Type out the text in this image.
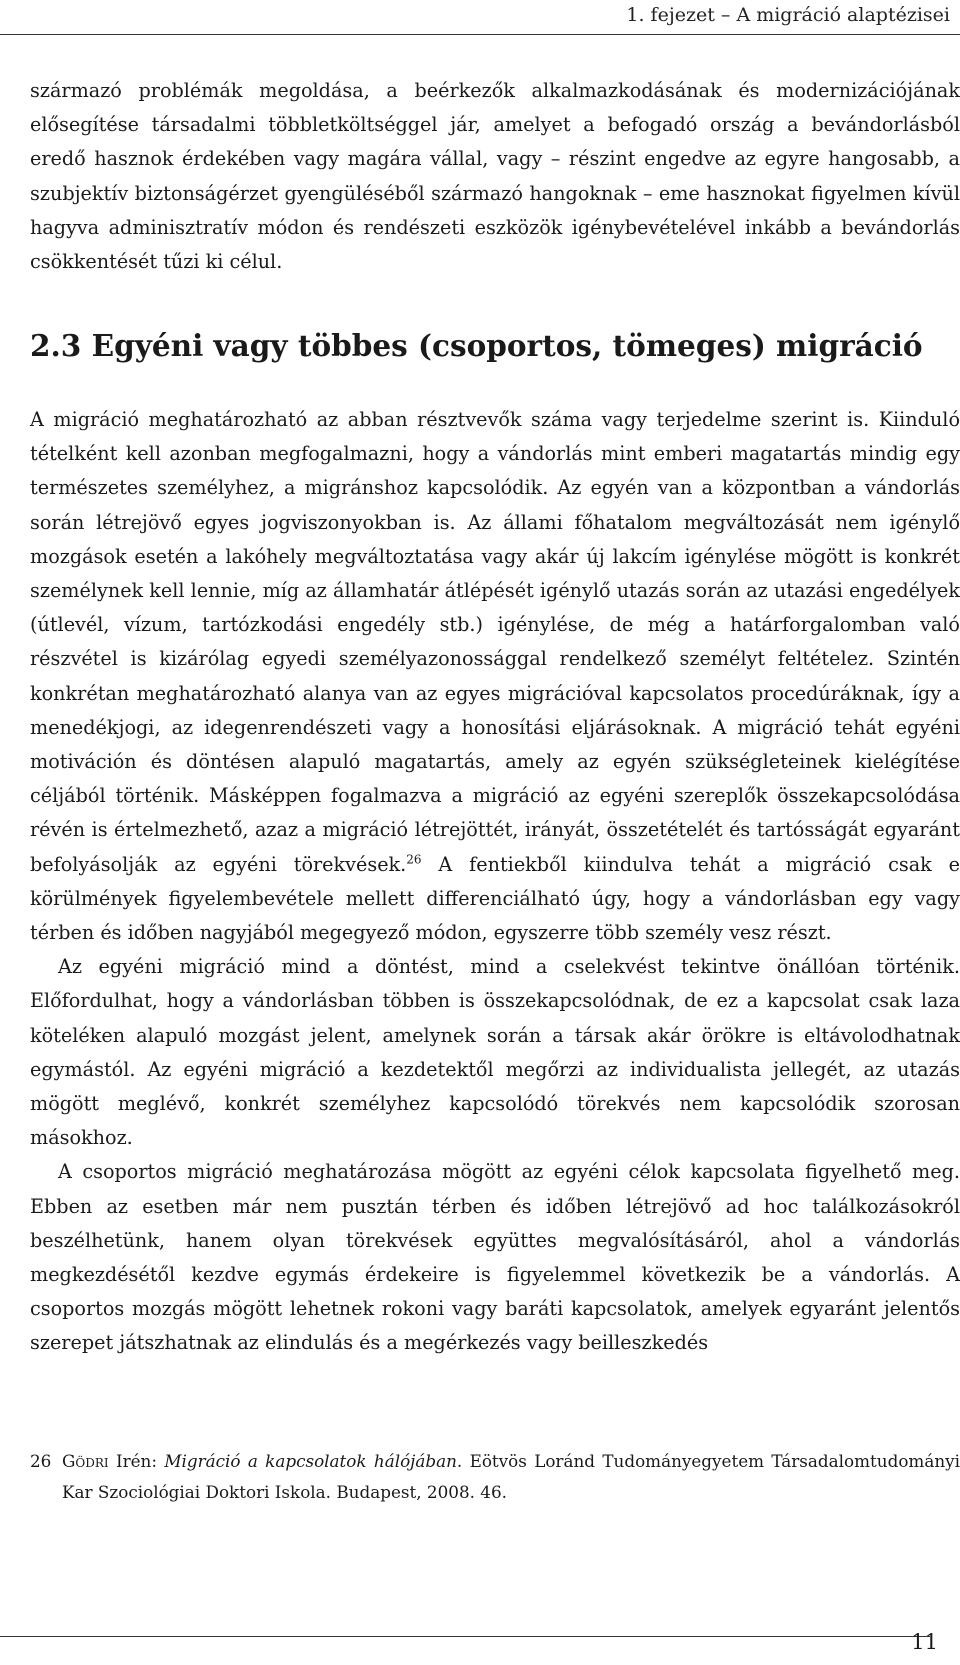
1. fejezet – A migráció alaptézisei

származó problémák megoldása, a beérkezők alkalmazkodásának és modernizációjának elősegítése társadalmi többletköltséggel jár, amelyet a befogadó ország a bevándorlásból eredő hasznok érdekében vagy magára vállal, vagy – részint engedve az egyre hangosabb, a szubjektív biztonságérzet gyengüléséből származó hangoknak – eme hasznokat figyelmen kívül hagyva adminisztratív módon és rendészeti eszközök igénybevételével inkább a bevándorlás csökkentését tűzi ki célul.

2.3 Egyéni vagy többes (csoportos, tömeges) migráció

A migráció meghatározható az abban résztvevők száma vagy terjedelme szerint is. Kiinduló tételként kell azonban megfogalmazni, hogy a vándorlás mint emberi magatartás mindig egy természetes személyhez, a migránshoz kapcsolódik. Az egyén van a központban a vándorlás során létrejövő egyes jogviszonyokban is. Az állami főhatalom megváltozását nem igénylő mozgások esetén a lakóhely megváltoztatása vagy akár új lakcím igénylése mögött is konkrét személynek kell lennie, míg az államhatár átlépését igénylő utazás során az utazási engedélyek (útlevél, vízum, tartózkodási engedély stb.) igénylése, de még a határforgalomban való részvétel is kizárólag egyedi személyazonossággal rendelkező személyt feltételez. Szintén konkrétan meghatározható alanya van az egyes migrációval kapcsolatos procedúráknak, így a menedékjogi, az idegenrendészeti vagy a honosítási eljárásoknak. A migráció tehát egyéni motiváción és döntésen alapuló magatartás, amely az egyén szükségleteinek kielégítése céljából történik. Másképpen fogalmazva a migráció az egyéni szereplők összekapcsolódása révén is értelmezhető, azaz a migráció létrejöttét, irányát, összetételét és tartósságát egyaránt befolyásolják az egyéni törekvések.$^{26}$ A fentiekből kiindulva tehát a migráció csak e körülmények figyelembevétele mellett differenciálható úgy, hogy a vándorlásban egy vagy térben és időben nagyjából megegyező módon, egyszerre több személy vesz részt.

Az egyéni migráció mind a döntést, mind a cselekvést tekintve önállóan történik. Előfordulhat, hogy a vándorlásban többen is összekapcsolódnak, de ez a kapcsolat csak laza köteléken alapuló mozgást jelent, amelynek során a társak akár örökre is eltávolodhatnak egymástól. Az egyéni migráció a kezdetektől megőrzi az individualista jellegét, az utazás mögött meglévő, konkrét személyhez kapcsolódó törekvés nem kapcsolódik szorosan másokhoz.

A csoportos migráció meghatározása mögött az egyéni célok kapcsolata figyelhető meg. Ebben az esetben már nem pusztán térben és időben létrejövő ad hoc találkozásokról beszélhetünk, hanem olyan törekvések együttes megvalósításáról, ahol a vándorlás megkezdésétől kezdve egymás érdekeire is figyelemmel következik be a vándorlás. A csoportos mozgás mögött lehetnek rokoni vagy baráti kapcsolatok, amelyek egyaránt jelentős szerepet játszhatnak az elindulás és a megérkezés vagy beilleszkedés

26 Gödri Irén: Migráció a kapcsolatok hálójában. Eötvös Loránd Tudományegyetem Társadalomtudományi Kar Szociológiai Doktori Iskola. Budapest, 2008. 46.
11
